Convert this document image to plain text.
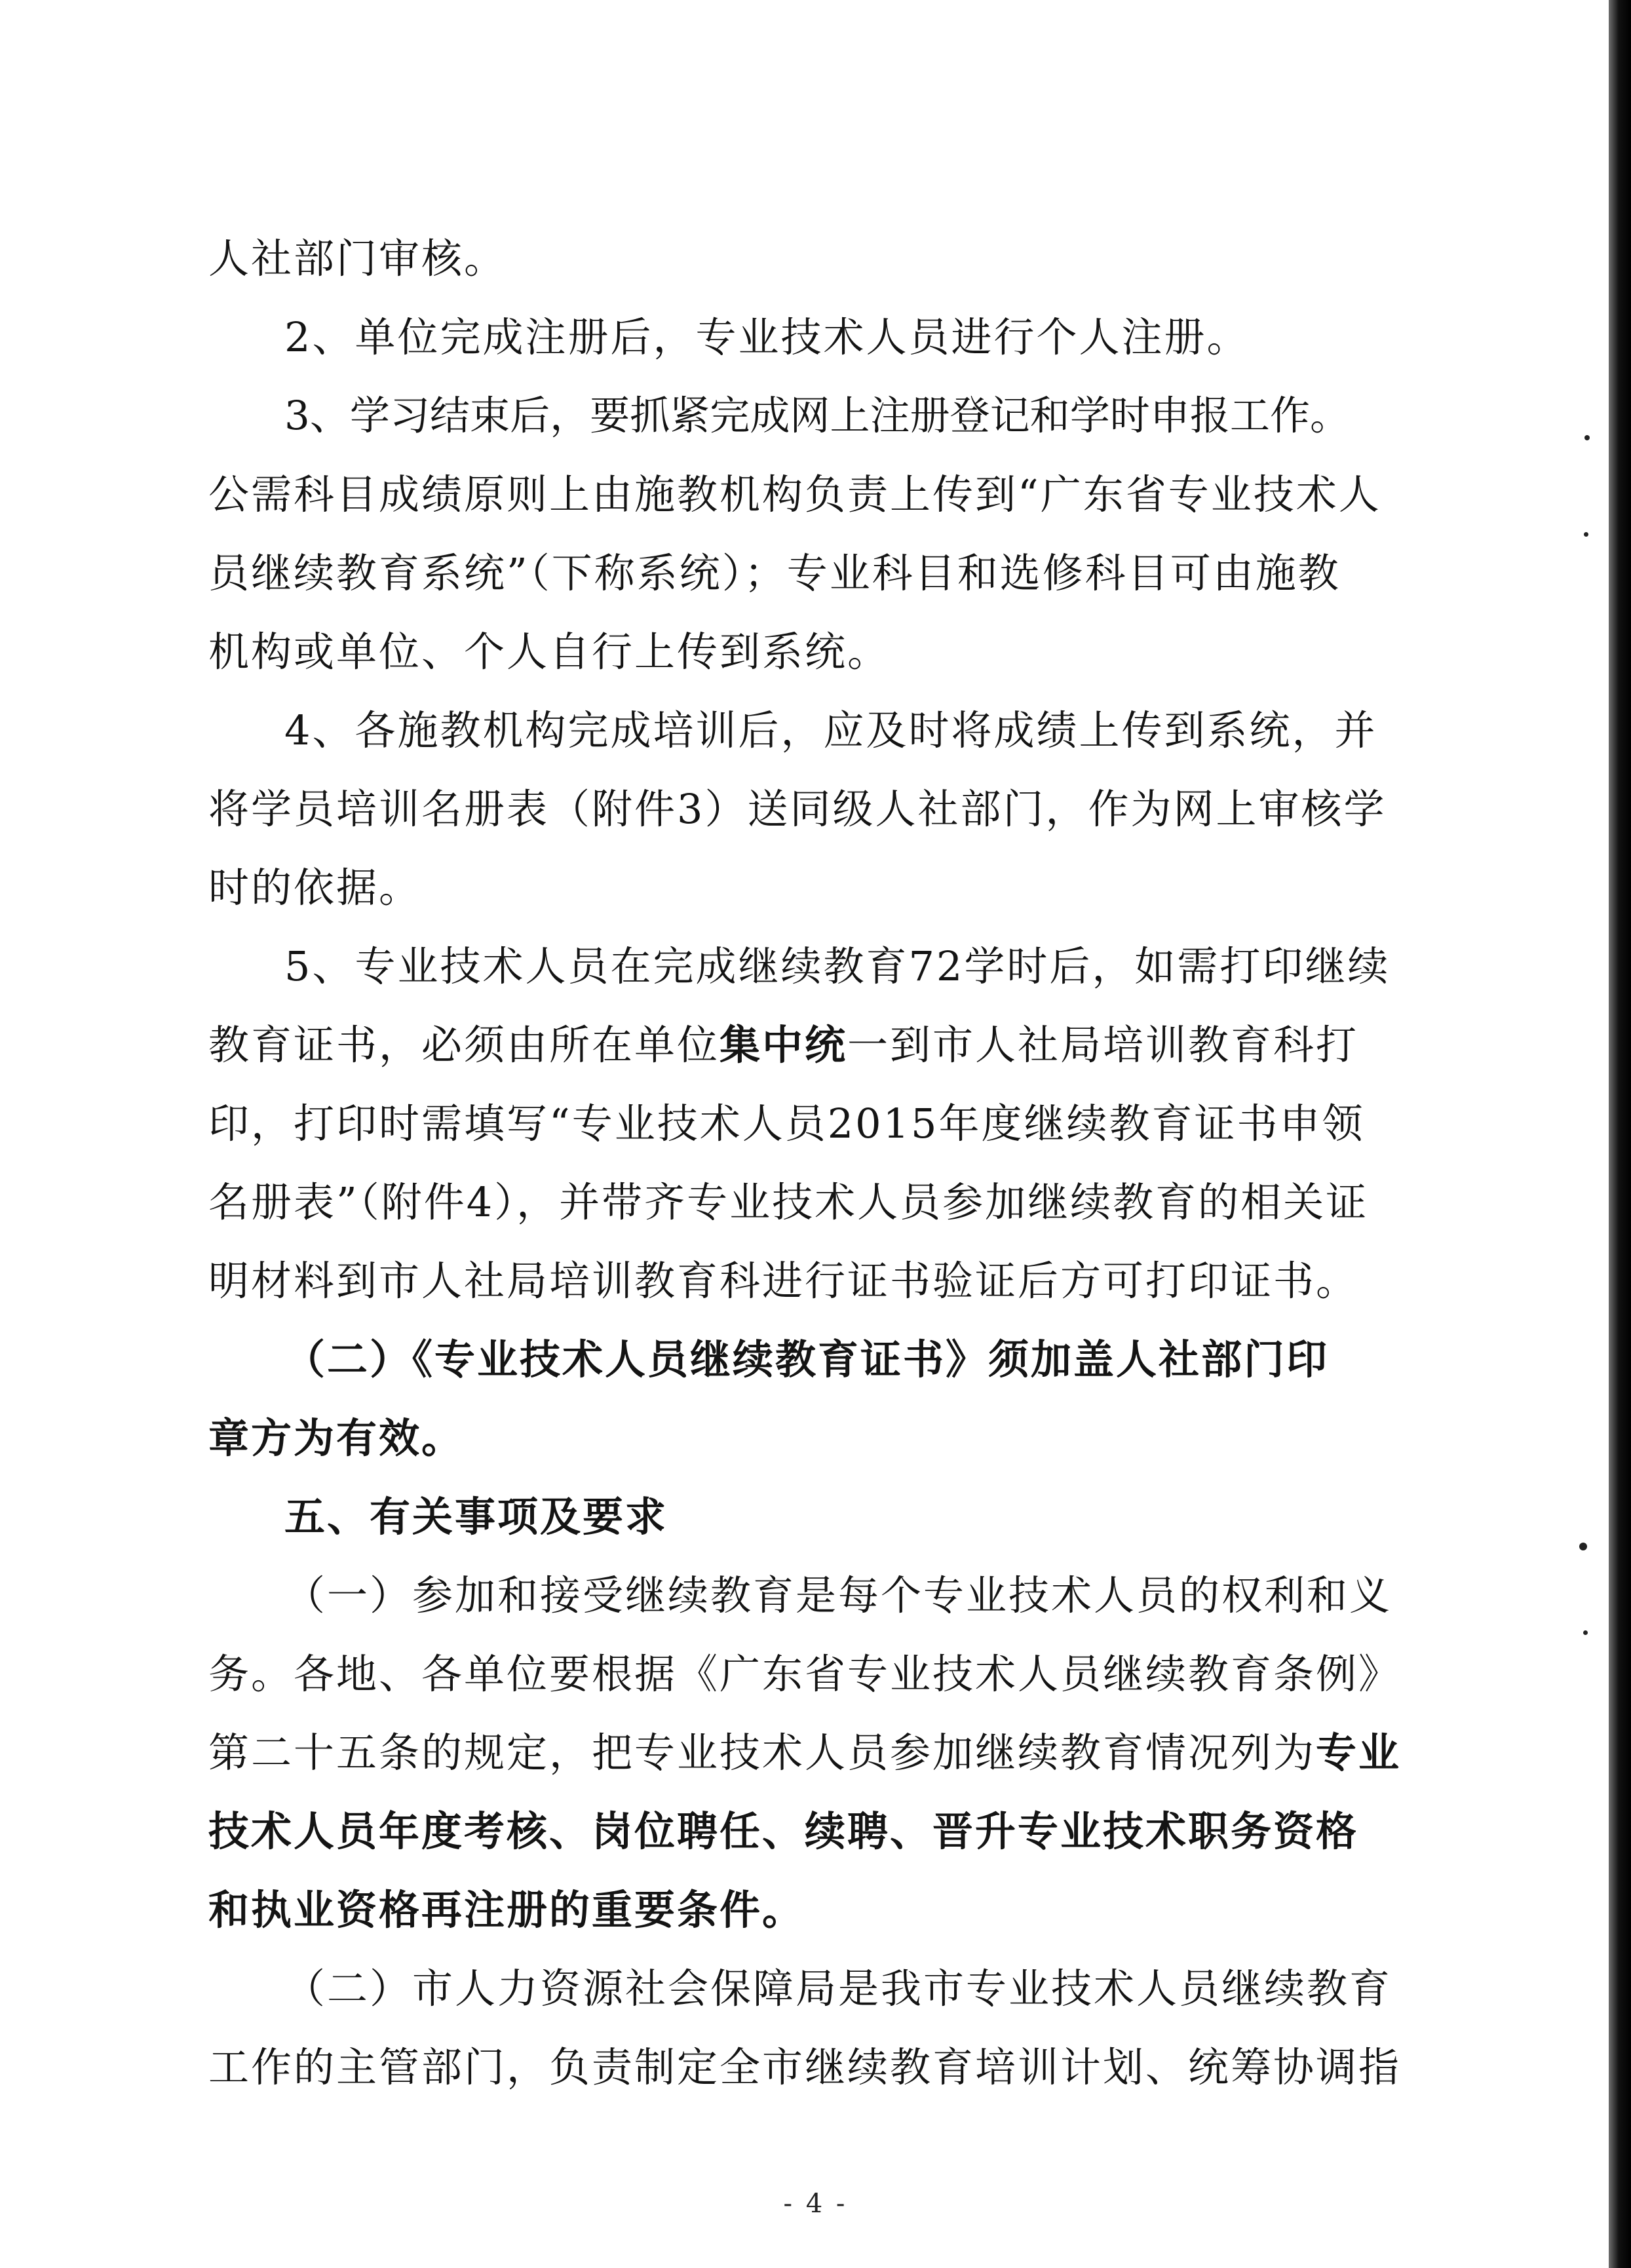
人社部门审核。
2、单位完成注册后，专业技术人员进行个人注册。
3、学习结束后，要抓紧完成网上注册登记和学时申报工作。
公需科目成绩原则上由施教机构负责上传到“广东省专业技术人
员继续教育系统”（下称系统）；专业科目和选修科目可由施教
机构或单位、个人自行上传到系统。
4、各施教机构完成培训后，应及时将成绩上传到系统，并
将学员培训名册表（附件3）送同级人社部门，作为网上审核学
时的依据。
5、专业技术人员在完成继续教育72学时后，如需打印继续
教育证书，必须由所在单位集中统一到市人社局培训教育科打
印，打印时需填写“专业技术人员2015年度继续教育证书申领
名册表”（附件4），并带齐专业技术人员参加继续教育的相关证
明材料到市人社局培训教育科进行证书验证后方可打印证书。
（二）《专业技术人员继续教育证书》须加盖人社部门印
章方为有效。
五、有关事项及要求
（一）参加和接受继续教育是每个专业技术人员的权利和义
务。各地、各单位要根据《广东省专业技术人员继续教育条例》
第二十五条的规定，把专业技术人员参加继续教育情况列为专业
技术人员年度考核、岗位聘任、续聘、晋升专业技术职务资格
和执业资格再注册的重要条件。
（二）市人力资源社会保障局是我市专业技术人员继续教育
工作的主管部门，负责制定全市继续教育培训计划、统筹协调指
- 4 -
